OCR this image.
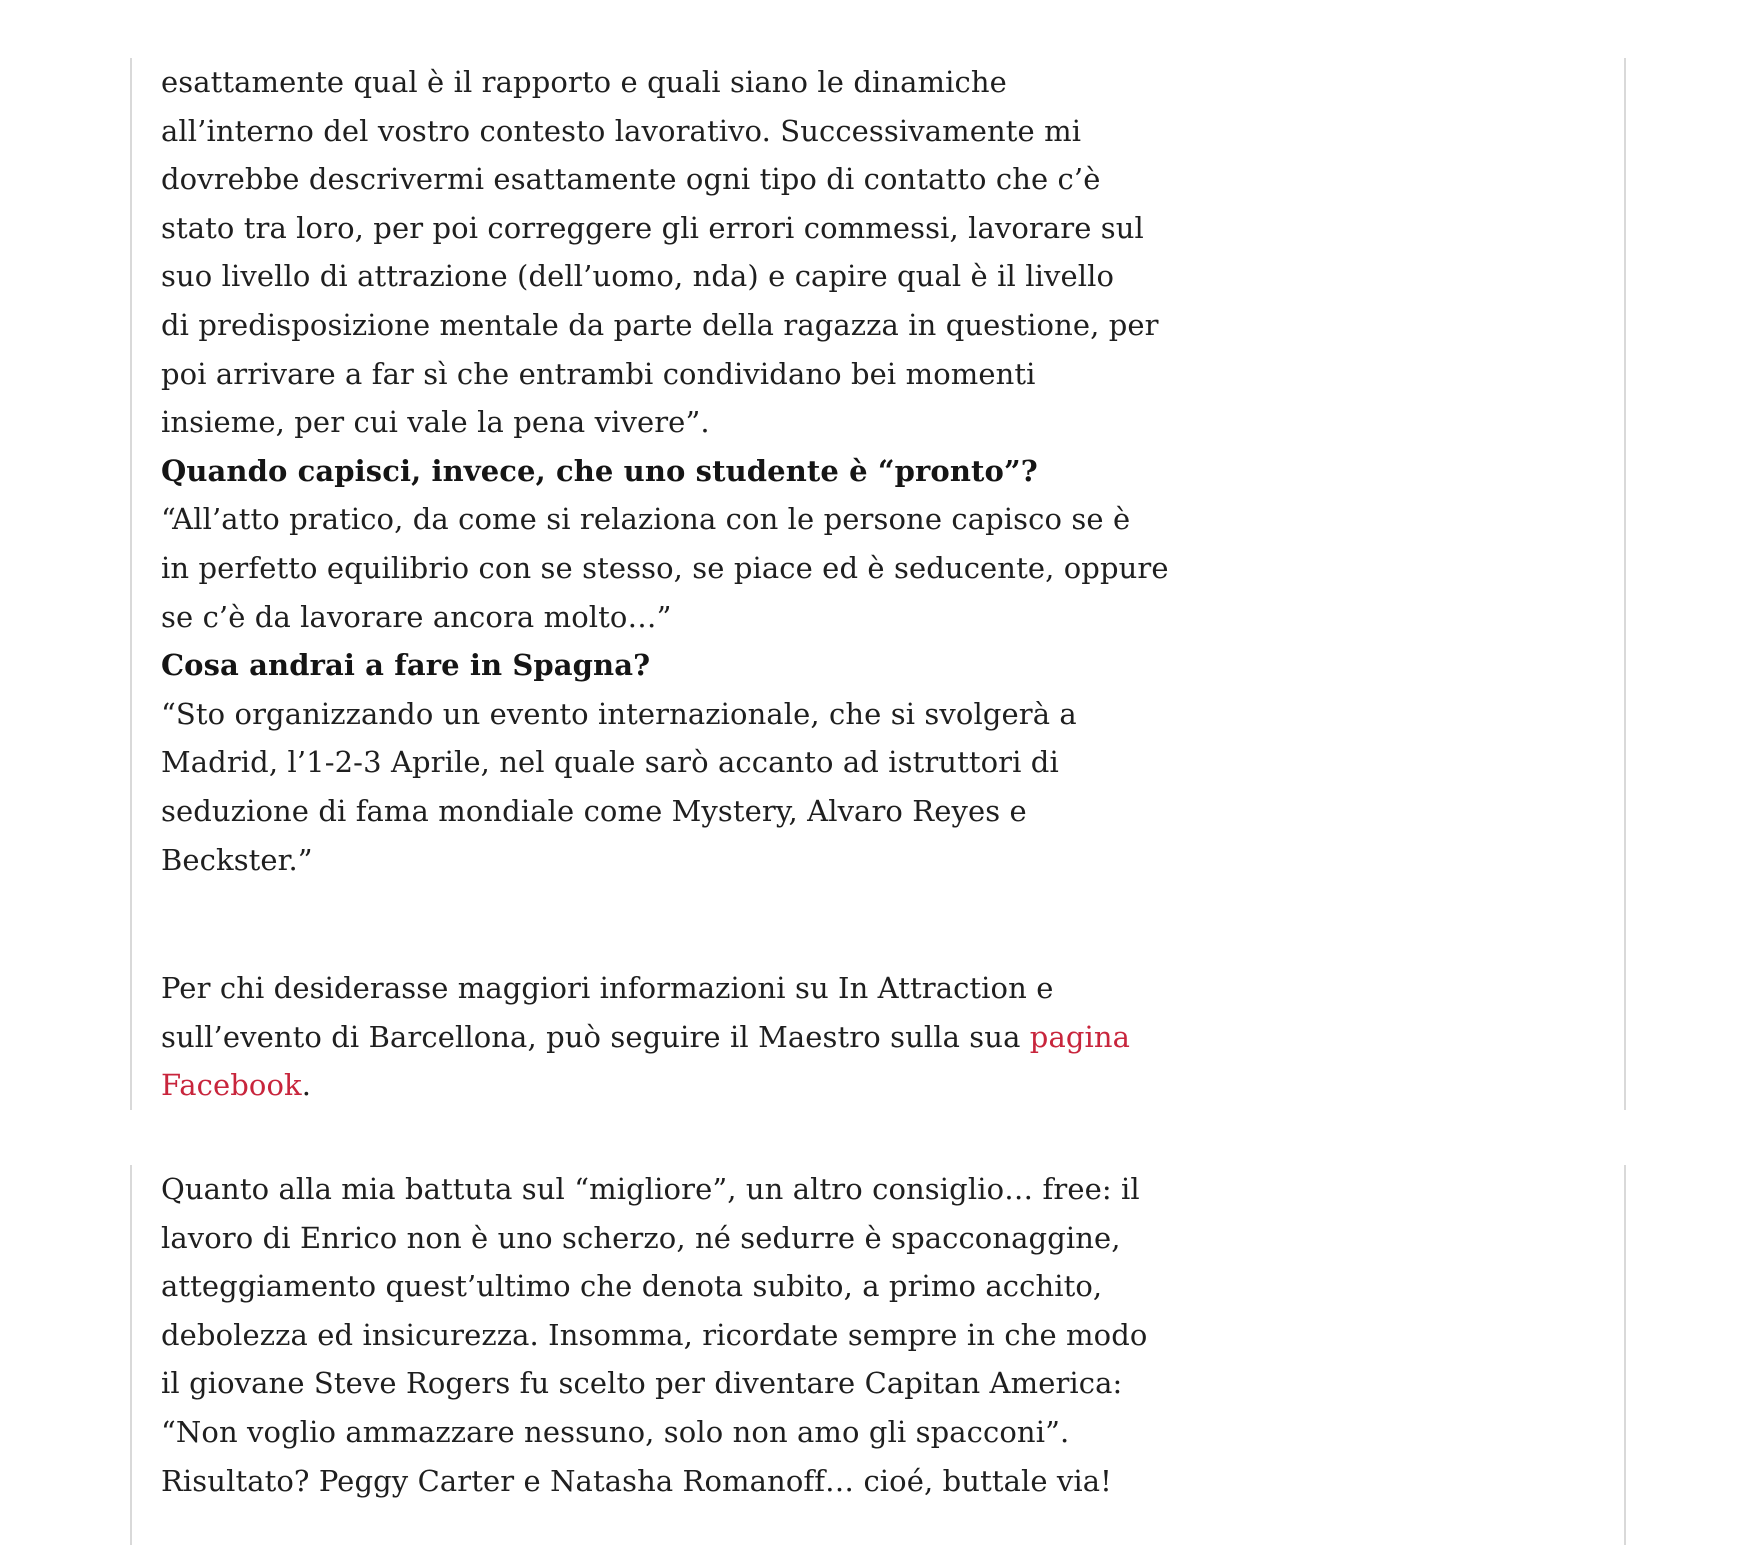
esattamente qual è il rapporto e quali siano le dinamiche
all’interno del vostro contesto lavorativo. Successivamente mi
dovrebbe descrivermi esattamente ogni tipo di contatto che c’è
stato tra loro, per poi correggere gli errori commessi, lavorare sul
suo livello di attrazione (dell’uomo, nda) e capire qual è il livello
di predisposizione mentale da parte della ragazza in questione, per
poi arrivare a far sì che entrambi condividano bei momenti
insieme, per cui vale la pena vivere”.
Quando capisci, invece, che uno studente è “pronto”?
“All’atto pratico, da come si relaziona con le persone capisco se è
in perfetto equilibrio con se stesso, se piace ed è seducente, oppure
se c’è da lavorare ancora molto…”
Cosa andrai a fare in Spagna?
“Sto organizzando un evento internazionale, che si svolgerà a
Madrid, l’1-2-3 Aprile, nel quale sarò accanto ad istruttori di
seduzione di fama mondiale come Mystery, Alvaro Reyes e
Beckster.”
Per chi desiderasse maggiori informazioni su In Attraction e
sull’evento di Barcellona, può seguire il Maestro sulla sua pagina
Facebook.
Quanto alla mia battuta sul “migliore”, un altro consiglio… free: il
lavoro di Enrico non è uno scherzo, né sedurre è spacconaggine,
atteggiamento quest’ultimo che denota subito, a primo acchito,
debolezza ed insicurezza. Insomma, ricordate sempre in che modo
il giovane Steve Rogers fu scelto per diventare Capitan America:
“Non voglio ammazzare nessuno, solo non amo gli spacconi”.
Risultato? Peggy Carter e Natasha Romanoff… cioé, buttale via!
